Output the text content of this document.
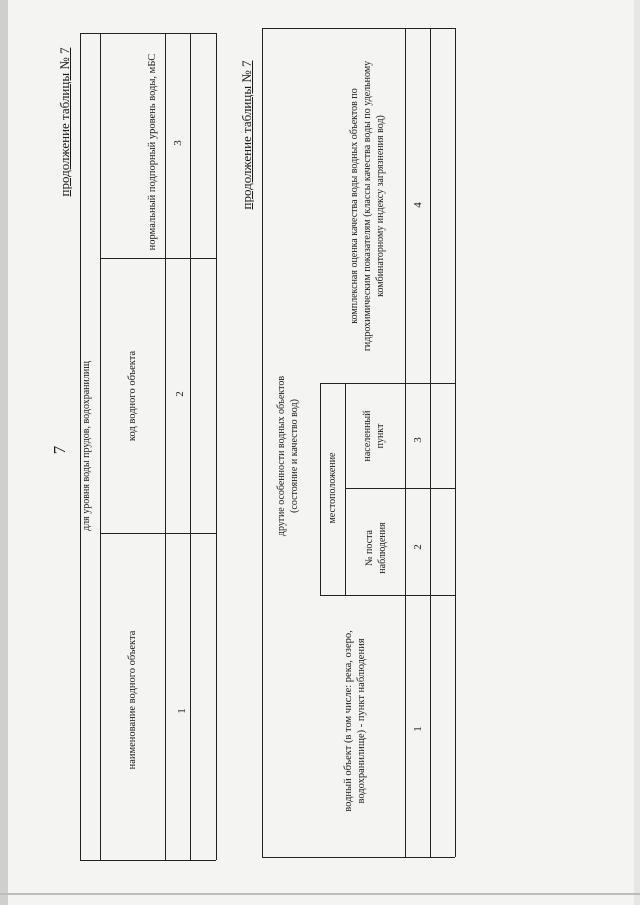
7
продолжение таблицы № 7
для уровня воды прудов, водохранилищ
нормальный подпорный уровень воды, мБС
код водного объекта
наименование водного объекта
3
2
1
продолжение таблицы № 7
другие особенности водных объектов (состояние и качество вод)
водный объект (в том числе: река, озеро, водохранилище) - пункт наблюдения
местоположение
№ поста наблюдения
населенный пункт
комплексная оценка качества воды водных объектов по гидрохимическим показателям (классы качества воды по удельному комбинаторному индексу загрязнения вод)	4
3
2
1
